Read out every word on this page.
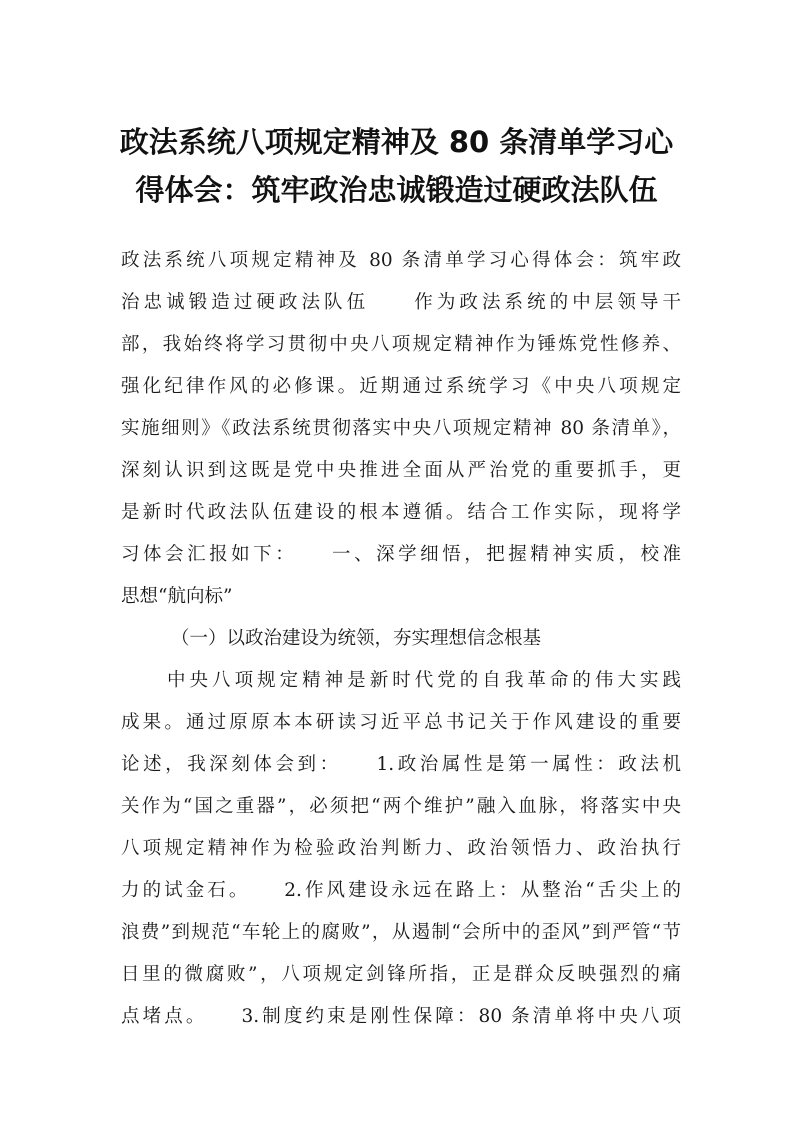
政法系统八项规定精神及 80 条清单学习心
得体会：筑牢政治忠诚锻造过硬政法队伍
政法系统八项规定精神及 80 条清单学习心得体会：筑牢政
治忠诚锻造过硬政法队伍　　作为政法系统的中层领导干
部，我始终将学习贯彻中央八项规定精神作为锤炼党性修养、
强化纪律作风的必修课。近期通过系统学习《中央八项规定
实施细则》《政法系统贯彻落实中央八项规定精神 80 条清单》，
深刻认识到这既是党中央推进全面从严治党的重要抓手，更
是新时代政法队伍建设的根本遵循。结合工作实际，现将学
习体会汇报如下：　　一、深学细悟，把握精神实质，校准
思想“航向标”
（一）以政治建设为统领，夯实理想信念根基
中央八项规定精神是新时代党的自我革命的伟大实践
成果。通过原原本本研读习近平总书记关于作风建设的重要
论述，我深刻体会到：　　1.政治属性是第一属性：政法机
关作为“国之重器”，必须把“两个维护”融入血脉，将落实中央
八项规定精神作为检验政治判断力、政治领悟力、政治执行
力的试金石。　　2.作风建设永远在路上：从整治“舌尖上的
浪费”到规范“车轮上的腐败”，从遏制“会所中的歪风”到严管“节
日里的微腐败”，八项规定剑锋所指，正是群众反映强烈的痛
点堵点。　　3.制度约束是刚性保障：80 条清单将中央八项
